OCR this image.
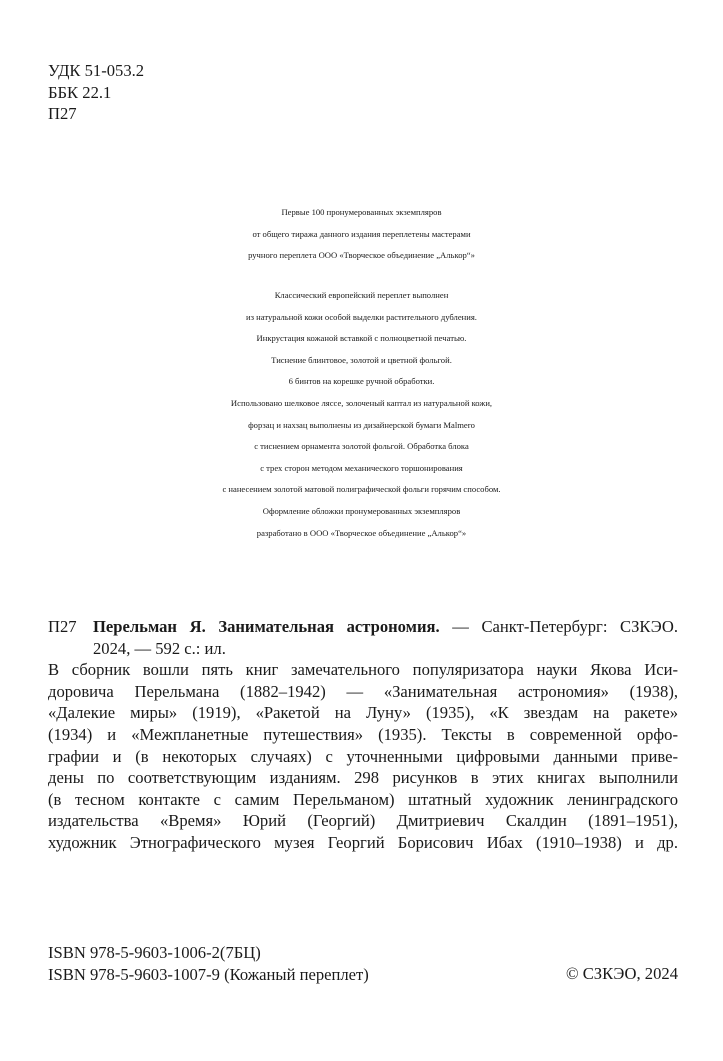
УДК 51-053.2
ББК 22.1
П27
Первые 100 пронумерованных экземпляров
от общего тиража данного издания переплетены мастерами
ручного переплета ООО «Творческое объединение „Алькор“»
Классический европейский переплет выполнен
из натуральной кожи особой выделки растительного дубления.
Инкрустация кожаной вставкой с полноцветной печатью.
Тиснение блинтовое, золотой и цветной фольгой.
6 бинтов на корешке ручной обработки.
Использовано шелковое ляссе, золоченый каптал из натуральной кожи,
форзац и нахзац выполнены из дизайнерской бумаги Malmero
с тиснением орнамента золотой фольгой. Обработка блока
с трех сторон методом механического торшонирования
с нанесением золотой матовой полиграфической фольги горячим способом.
Оформление обложки пронумерованных экземпляров
разработано в ООО «Творческое объединение „Алькор“»
П27 Перельман Я. Занимательная астрономия. — Санкт-Петербург: СЗКЭО.
2024, — 592 с.: ил.
В сборник вошли пять книг замечательного популяризатора науки Якова Иси-
доровича Перельмана (1882–1942) — «Занимательная астрономия» (1938),
«Далекие миры» (1919), «Ракетой на Луну» (1935), «К звездам на ракете»
(1934) и «Межпланетные путешествия» (1935). Тексты в современной орфо-
графии и (в некоторых случаях) с уточненными цифровыми данными приве-
дены по соответствующим изданиям. 298 рисунков в этих книгах выполнили
(в тесном контакте с самим Перельманом) штатный художник ленинградского
издательства «Время» Юрий (Георгий) Дмитриевич Скалдин (1891–1951),
художник Этнографического музея Георгий Борисович Ибах (1910–1938) и др.
ISBN 978-5-9603-1006-2(7БЦ)
ISBN 978-5-9603-1007-9 (Кожаный переплет)	© СЗКЭО, 2024
